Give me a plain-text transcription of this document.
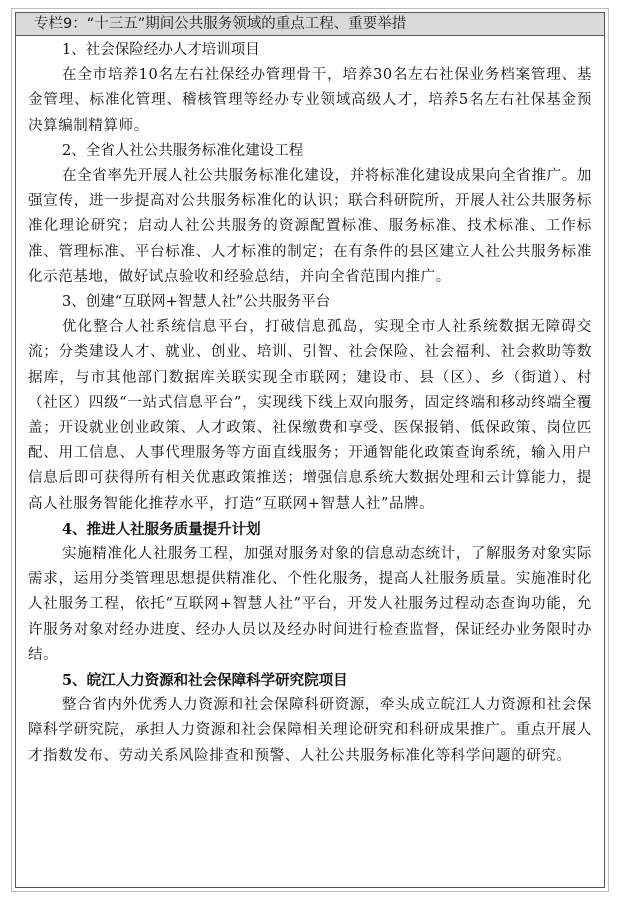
专栏9：“十三五”期间公共服务领域的重点工程、重要举措

1、社会保险经办人才培训项目

在全市培养10名左右社保经办管理骨干，培养30名左右社保业务档案管理、基金管理、标准化管理、稽核管理等经办专业领域高级人才，培养5名左右社保基金预决算编制精算师。

2、全省人社公共服务标准化建设工程

在全省率先开展人社公共服务标准化建设，并将标准化建设成果向全省推广。加强宣传，进一步提高对公共服务标准化的认识；联合科研院所，开展人社公共服务标准化理论研究；启动人社公共服务的资源配置标准、服务标准、技术标准、工作标准、管理标准、平台标准、人才标准的制定；在有条件的县区建立人社公共服务标准化示范基地，做好试点验收和经验总结，并向全省范围内推广。

3、创建“互联网+智慧人社”公共服务平台

优化整合人社系统信息平台，打破信息孤岛，实现全市人社系统数据无障碍交流；分类建设人才、就业、创业、培训、引智、社会保险、社会福利、社会救助等数据库，与市其他部门数据库关联实现全市联网；建设市、县（区）、乡（街道）、村（社区）四级“一站式信息平台”，实现线下线上双向服务，固定终端和移动终端全覆盖；开设就业创业政策、人才政策、社保缴费和享受、医保报销、低保政策、岗位匹配、用工信息、人事代理服务等方面直线服务；开通智能化政策查询系统，输入用户信息后即可获得所有相关优惠政策推送；增强信息系统大数据处理和云计算能力，提高人社服务智能化推荐水平，打造“互联网+智慧人社”品牌。

4、推进人社服务质量提升计划

实施精准化人社服务工程，加强对服务对象的信息动态统计，了解服务对象实际需求，运用分类管理思想提供精准化、个性化服务，提高人社服务质量。实施准时化人社服务工程，依托“互联网+智慧人社”平台，开发人社服务过程动态查询功能，允许服务对象对经办进度、经办人员以及经办时间进行检查监督，保证经办业务限时办结。

5、皖江人力资源和社会保障科学研究院项目

整合省内外优秀人力资源和社会保障科研资源，牵头成立皖江人力资源和社会保障科学研究院，承担人力资源和社会保障相关理论研究和科研成果推广。重点开展人才指数发布、劳动关系风险排查和预警、人社公共服务标准化等科学问题的研究。
